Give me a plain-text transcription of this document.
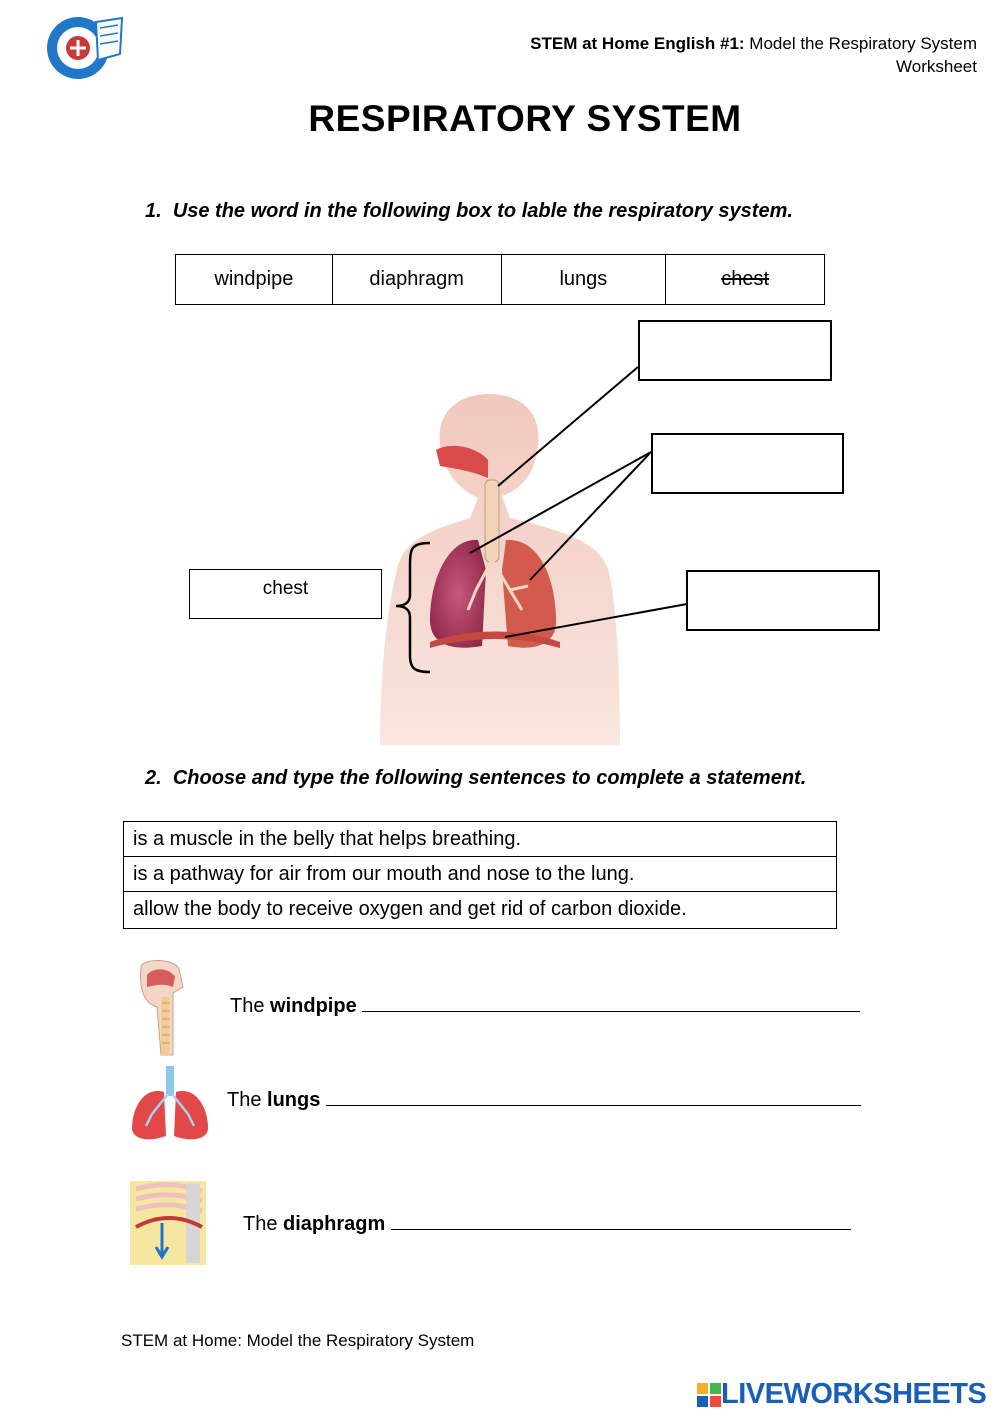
STEM at Home English #1: Model the Respiratory System
Worksheet
RESPIRATORY SYSTEM
1. Use the word in the following box to lable the respiratory system.
windpipe	diaphragm	lungs	chest
chest
2. Choose and type the following sentences to complete a statement.
is a muscle in the belly that helps breathing.
is a pathway for air from our mouth and nose to the lung.
allow the body to receive oxygen and get rid of carbon dioxide.
The windpipe
The lungs
The diaphragm
STEM at Home: Model the Respiratory System
LIVEWORKSHEETS
